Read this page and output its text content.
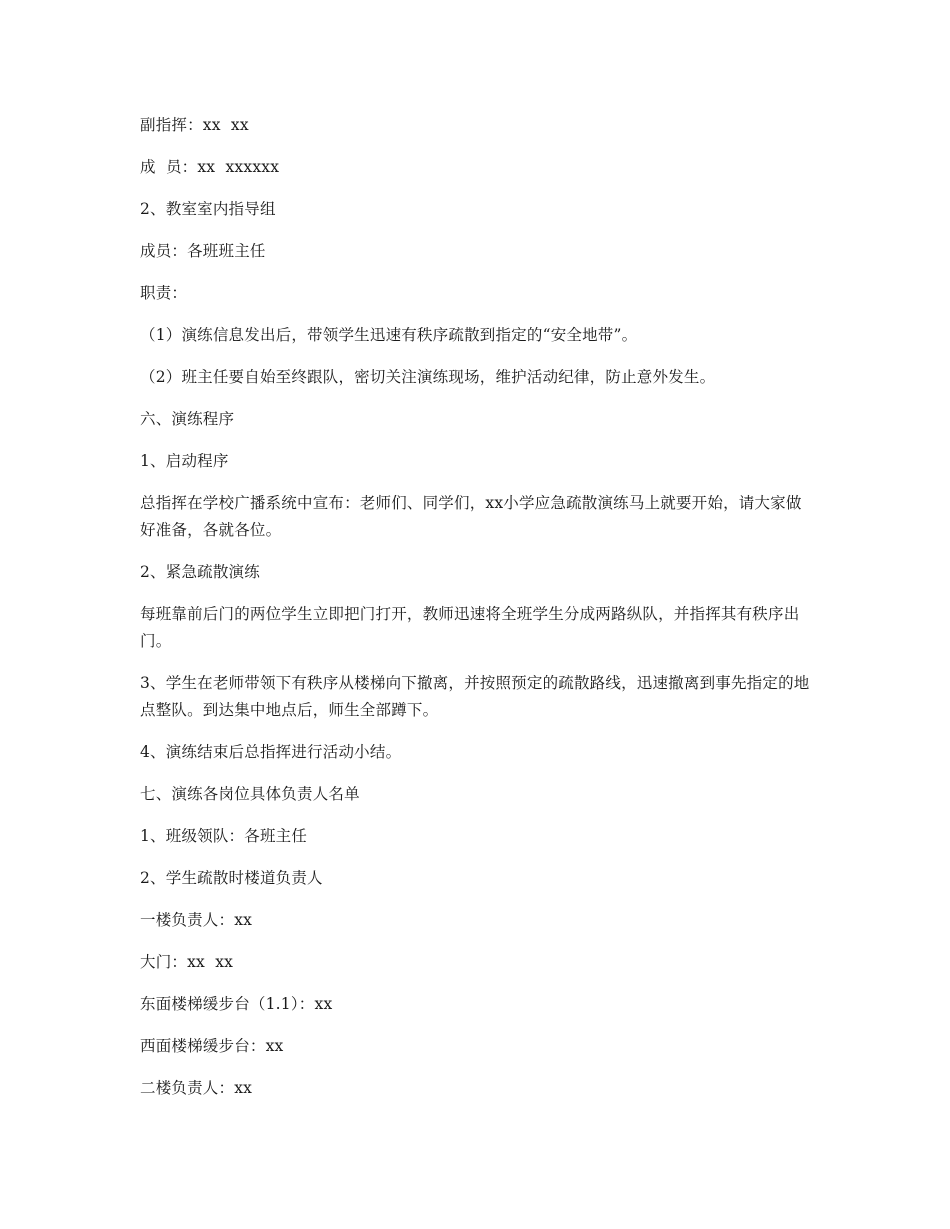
副指挥：xx  xx

成  员：xx  xxxxxx

2、教室室内指导组

成员：各班班主任

职责：

（1）演练信息发出后，带领学生迅速有秩序疏散到指定的“安全地带”。

（2）班主任要自始至终跟队，密切关注演练现场，维护活动纪律，防止意外发生。

六、演练程序

1、启动程序

总指挥在学校广播系统中宣布：老师们、同学们，xx小学应急疏散演练马上就要开始，请大家做好准备，各就各位。

2、紧急疏散演练

每班靠前后门的两位学生立即把门打开，教师迅速将全班学生分成两路纵队，并指挥其有秩序出门。

3、学生在老师带领下有秩序从楼梯向下撤离，并按照预定的疏散路线，迅速撤离到事先指定的地点整队。到达集中地点后，师生全部蹲下。

4、演练结束后总指挥进行活动小结。

七、演练各岗位具体负责人名单

1、班级领队：各班主任

2、学生疏散时楼道负责人

一楼负责人：xx

大门：xx  xx

东面楼梯缓步台（1.1）：xx

西面楼梯缓步台：xx

二楼负责人：xx
